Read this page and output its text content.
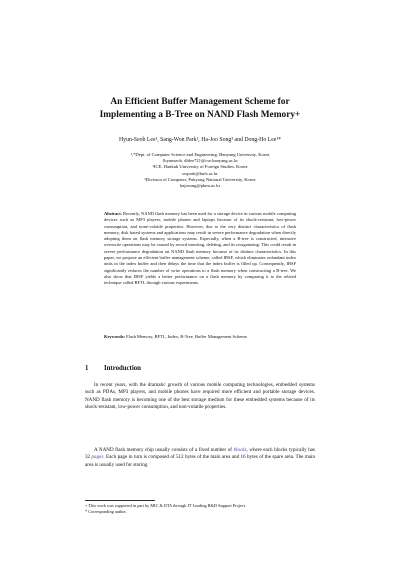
An Efficient Buffer Management Scheme for
Implementing a B-Tree on NAND Flash Memory+
Hyun-Seob Lee¹, Sang-Won Park², Ha-Joo Song³ and Dong-Ho Lee¹*
¹,*Dept. of Computer Science and Engineering, Hanyang University, Korea
{hyunseob, dhlee72}@cse.hanyang.ac.kr
²ICE, Hankuk University of Foreign Studies, Korea
swpark@hufs.ac.kr
³Division of Computer, Pukyong National University, Korea
hajusong@pknu.ac.kr
Abstract. Recently, NAND flash memory has been used for a storage device in various mobile computing devices such as MP3 players, mobile phones and laptops because of its shock-resistant, low-power consumption, and none-volatile properties. However, due to the very distinct characteristics of flash memory, disk based systems and applications may result in severe performance degradation when directly adopting them on flash memory storage systems. Especially, when a B-tree is constructed, intensive overwrite operations may be caused by record inserting, deleting, and its reorganizing. This could result in severe performance degradation on NAND flash memory because of its distinct characteristics. In this paper, we propose an efficient buffer management scheme, called IBSF, which eliminates redundant index units in the index buffer and then delays the time that the index buffer is filled up. Consequently, IBSF significantly reduces the number of write operations to a flash memory when constructing a B-tree. We also show that IBSF yields a better performance on a flash memory by comparing it to the related technique called BFTL through various experiments.
Keywords: Flash Memory, BFTL, Index, B-Tree, Buffer Management Scheme.
1 Introduction

In recent years, with the dramatic growth of various mobile computing technologies, embedded systems such as PDAs, MP3 players, and mobile phones have required more efficient and portable storage devices. NAND flash memory is becoming one of the best storage medium for these embedded systems because of its shock-resistant, low-power consumption, and non-volatile properties.

A NAND flash memory chip usually consists of a fixed number of blocks, where each blocks typically has 32 pages. Each page in turn is composed of 512 bytes of the main area and 16 bytes of the spare area. The main area is usually used for storing

+ This work was supported in part by MIC & IITA through IT Leading R&D Support Project.
* Corresponding author.
